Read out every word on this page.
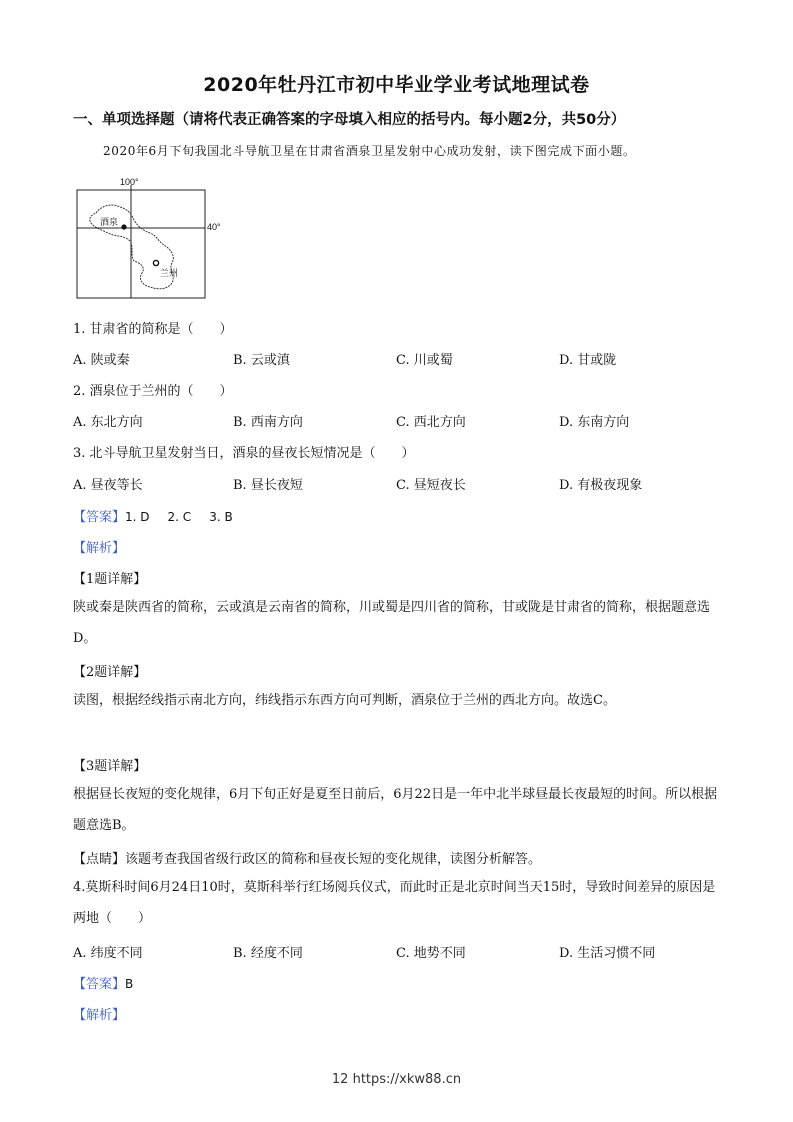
2020年牡丹江市初中毕业学业考试地理试卷
一、单项选择题（请将代表正确答案的字母填入相应的括号内。每小题2分，共50分）
2020年6月下旬我国北斗导航卫星在甘肃省酒泉卫星发射中心成功发射，读下图完成下面小题。
100°
40°
酒泉
兰州
1. 甘肃省的简称是（　　）
A. 陕或秦	B. 云或滇	C. 川或蜀	D. 甘或陇
2. 酒泉位于兰州的（　　）
A. 东北方向	B. 西南方向	C. 西北方向	D. 东南方向
3. 北斗导航卫星发射当日，酒泉的昼夜长短情况是（　　）
A. 昼夜等长	B. 昼长夜短	C. 昼短夜长	D. 有极夜现象
【答案】1. D 2. C 3. B
【解析】
【1题详解】
陕或秦是陕西省的简称，云或滇是云南省的简称，川或蜀是四川省的简称，甘或陇是甘肃省的简称，根据题意选D。
【2题详解】
读图，根据经线指示南北方向，纬线指示东西方向可判断，酒泉位于兰州的西北方向。故选C。
【3题详解】
根据昼长夜短的变化规律，6月下旬正好是夏至日前后，6月22日是一年中北半球昼最长夜最短的时间。所以根据题意选B。
【点睛】该题考查我国省级行政区的简称和昼夜长短的变化规律，读图分析解答。
4.莫斯科时间6月24日10时，莫斯科举行红场阅兵仪式，而此时正是北京时间当天15时，导致时间差异的原因是两地（　　）
A. 纬度不同	B. 经度不同	C. 地势不同	D. 生活习惯不同
【答案】B
【解析】
12 https://xkw88.cn
